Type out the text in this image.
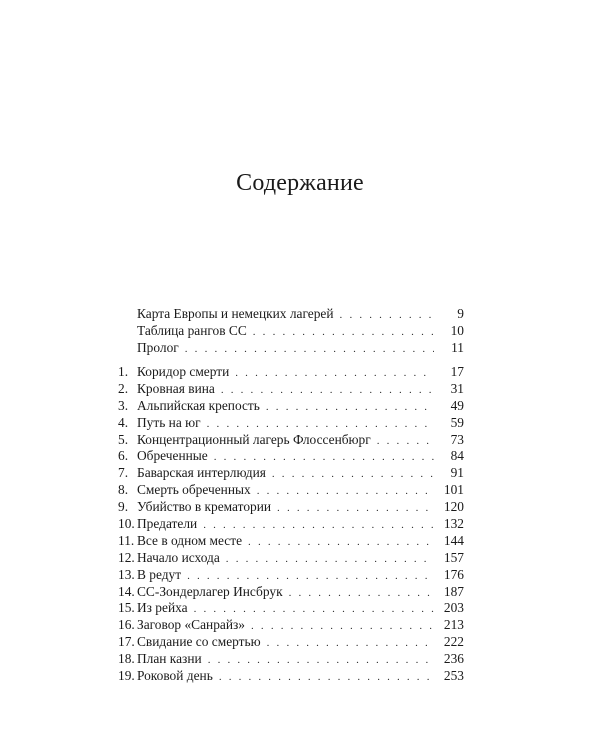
Содержание
Карта Европы и немецких лагерей . . .	9
Таблица рангов СС . . .	10
Пролог . . .	11
1. Коридор смерти . . .	17
2. Кровная вина . . .	31
3. Альпийская крепость . . .	49
4. Путь на юг . . .	59
5. Концентрационный лагерь Флоссенбюрг . . .	73
6. Обреченные . . .	84
7. Баварская интерлюдия . . .	91
8. Смерть обреченных . . .	101
9. Убийство в крематории . . .	120
10. Предатели . . .	132
11. Все в одном месте . . .	144
12. Начало исхода . . .	157
13. В редут . . .	176
14. СС-Зондерлагер Инсбрук . . .	187
15. Из рейха . . .	203
16. Заговор «Санрайз» . . .	213
17. Свидание со смертью . . .	222
18. План казни . . .	236
19. Роковой день . . .	253
